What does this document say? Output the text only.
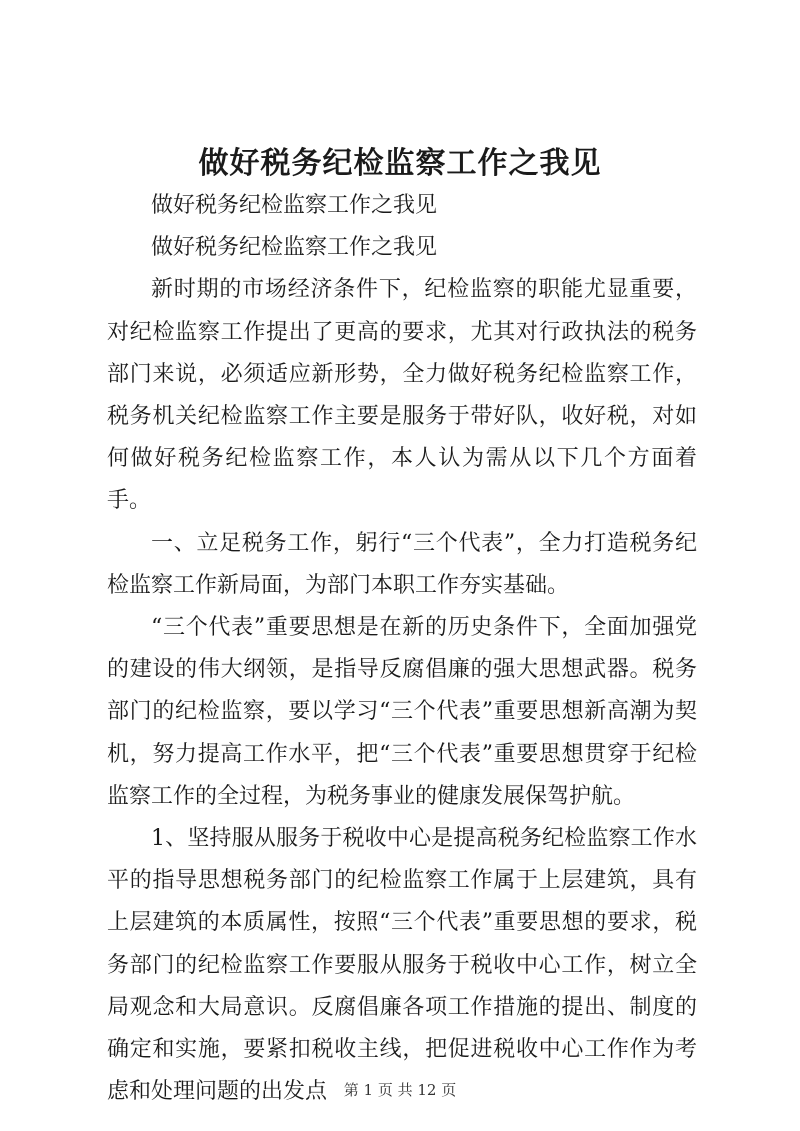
做好税务纪检监察工作之我见

做好税务纪检监察工作之我见

做好税务纪检监察工作之我见

新时期的市场经济条件下，纪检监察的职能尤显重要，对纪检监察工作提出了更高的要求，尤其对行政执法的税务部门来说，必须适应新形势，全力做好税务纪检监察工作，税务机关纪检监察工作主要是服务于带好队，收好税，对如何做好税务纪检监察工作，本人认为需从以下几个方面着手。

一、立足税务工作，躬行“三个代表”，全力打造税务纪检监察工作新局面，为部门本职工作夯实基础。

“三个代表”重要思想是在新的历史条件下，全面加强党的建设的伟大纲领，是指导反腐倡廉的强大思想武器。税务部门的纪检监察，要以学习“三个代表”重要思想新高潮为契机，努力提高工作水平，把“三个代表”重要思想贯穿于纪检监察工作的全过程，为税务事业的健康发展保驾护航。

1、坚持服从服务于税收中心是提高税务纪检监察工作水平的指导思想税务部门的纪检监察工作属于上层建筑，具有上层建筑的本质属性，按照“三个代表”重要思想的要求，税务部门的纪检监察工作要服从服务于税收中心工作，树立全局观念和大局意识。反腐倡廉各项工作措施的提出、制度的确定和实施，要紧扣税收主线，把促进税收中心工作作为考虑和处理问题的出发点	第 1 页 共 12 页
